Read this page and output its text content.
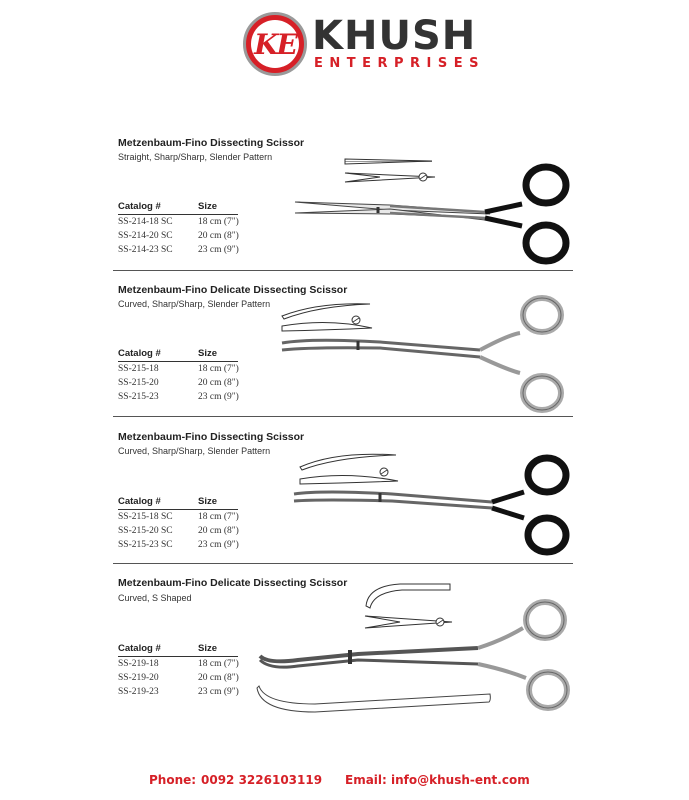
KE KHUSH
ENTERPRISES
Metzenbaum-Fino Dissecting Scissor
Straight, Sharp/Sharp, Slender Pattern
Catalog #	Size
SS-214-18 SC	18 cm (7")
SS-214-20 SC	20 cm (8")
SS-214-23 SC	23 cm (9")
Metzenbaum-Fino Delicate Dissecting Scissor
Curved, Sharp/Sharp, Slender Pattern
Catalog #	Size
SS-215-18	18 cm (7")
SS-215-20	20 cm (8")
SS-215-23	23 cm (9")
Metzenbaum-Fino Dissecting Scissor
Curved, Sharp/Sharp, Slender Pattern
Catalog #	Size
SS-215-18 SC	18 cm (7")
SS-215-20 SC	20 cm (8")
SS-215-23 SC	23 cm (9")
Metzenbaum-Fino Delicate Dissecting Scissor
Curved, S Shaped
Catalog #	Size
SS-219-18	18 cm (7")
SS-219-20	20 cm (8")
SS-219-23	23 cm (9")
Phone: 0092 3226103119 Email: info@khush-ent.com
